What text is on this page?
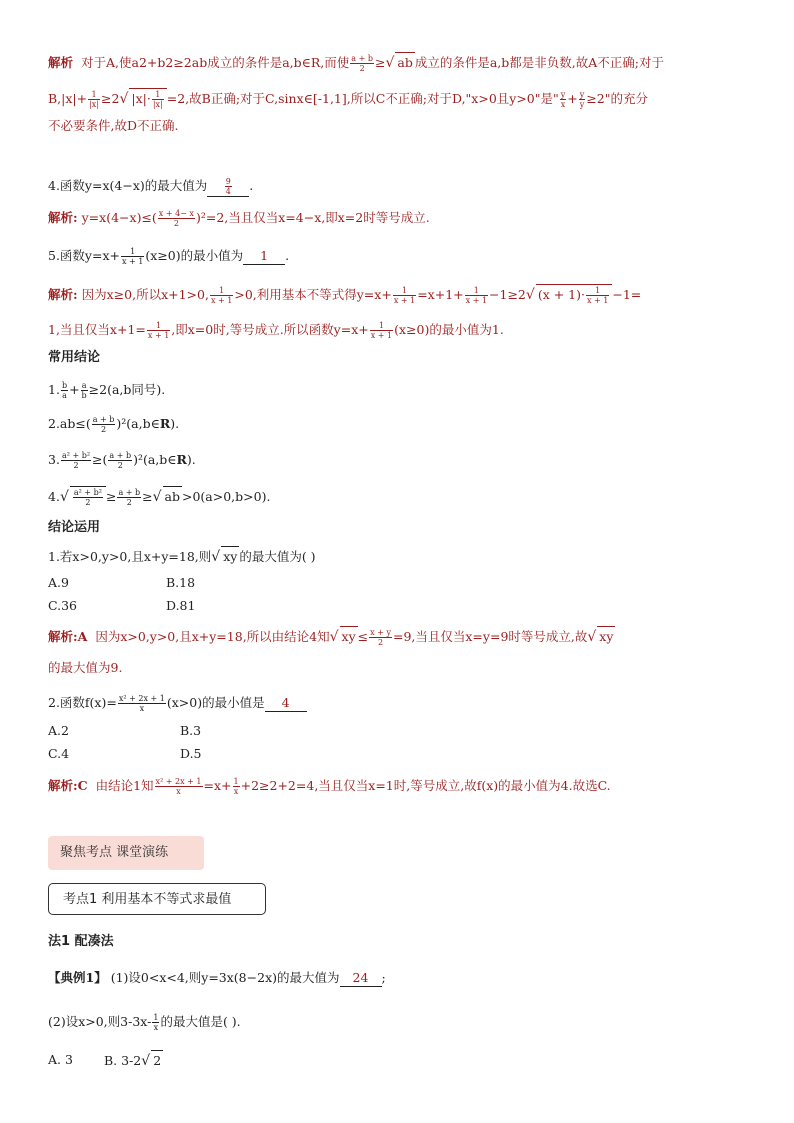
解析 对于A,使a2+b2≥2ab成立的条件是a,b∈R,而使 $\frac{a + b}{2}$ ≥√ ab 成立的条件是a,b都是非负数,故A不正确;对于
$B,|x|+ \frac{1}{|x|} \ge 2√$ $|x|\cdot \frac{1}{|x|} =2$,故B正确;对于C,sinx∈[-1,1],所以C不正确;对于D,"x>0且y>0"是" $\frac{y}{x} + \frac{y}{y} \ge 2$"的充分
不必要条件,故D不正确.
4.函数y=x(4−x)的最大值为 $\frac{9}{4}$ .
解析: $y=x(4-x)\le( \frac{x + 4- x}{2} )^2=2$,当且仅当x=4−x,即x=2时等号成立.
5.函数$y=x+ \frac{1}{x + 1} (x\ge 0)$的最小值为 1 .
解析: 因为x≥0,所以x+1>0, $\frac{1}{x + 1} >0$,利用基本不等式得$y=x+ \frac{1}{x + 1} =x+1+ \frac{1}{x + 1} -1\ge 2√$ $(x + 1)\cdot \frac{1}{x + 1} -1=$
1,当且仅当$x+1= \frac{1}{x + 1}$ ,即x=0时,等号成立.所以函数$y=x+ \frac{1}{x + 1} (x\ge 0)$的最小值为1.
常用结论
1. $\frac{b}{a} + \frac{a}{b} \ge 2(a,b$同号).
$2.ab\le( \frac{a + b}{2}$ )²(a,b∈R).
3. $\frac{\text{a² + b²}}{2}$ ≥( $\frac{a + b}{2}$ )²(a,b∈R).
$4.√ \frac{\text{a² + b²}}{2} \ge \frac{a + b}{2}$ ≥√ ab >0(a>0,b>0).
结论运用
1.若x>0,y>0,且x+y=18,则√ xy 的最大值为( )
A.9	B.18
C.36	D.81
解析:A 因为x>0,y>0,且x+y=18,所以由结论4知√ xy ≤ $\frac{x + y}{2} =9$,当且仅当x=y=9时等号成立,故√ xy
的最大值为9.
2.函数$f(x)= \frac{\text{x² + 2x + 1}}{x} (x>0)$的最小值是 4
A.2	B.3
C.4	D.5
解析:C 由结论1知 $\frac{\text{x² + 2x + 1}}{x} =x+ \frac{1}{x} +2\ge 2+2=4$,当且仅当x=1时,等号成立,故f(x)的最小值为4.故选C.
聚焦考点 课堂演练
考点1 利用基本不等式求最值
法1 配凑法
【典例1】 (1)设0<x<4,则y=3x(8−2x)的最大值为 24 ;
(2)设x>0,则$3-3x- \frac{1}{x}$ 的最大值是( ).
A. 3 B. 3-2√ 2
